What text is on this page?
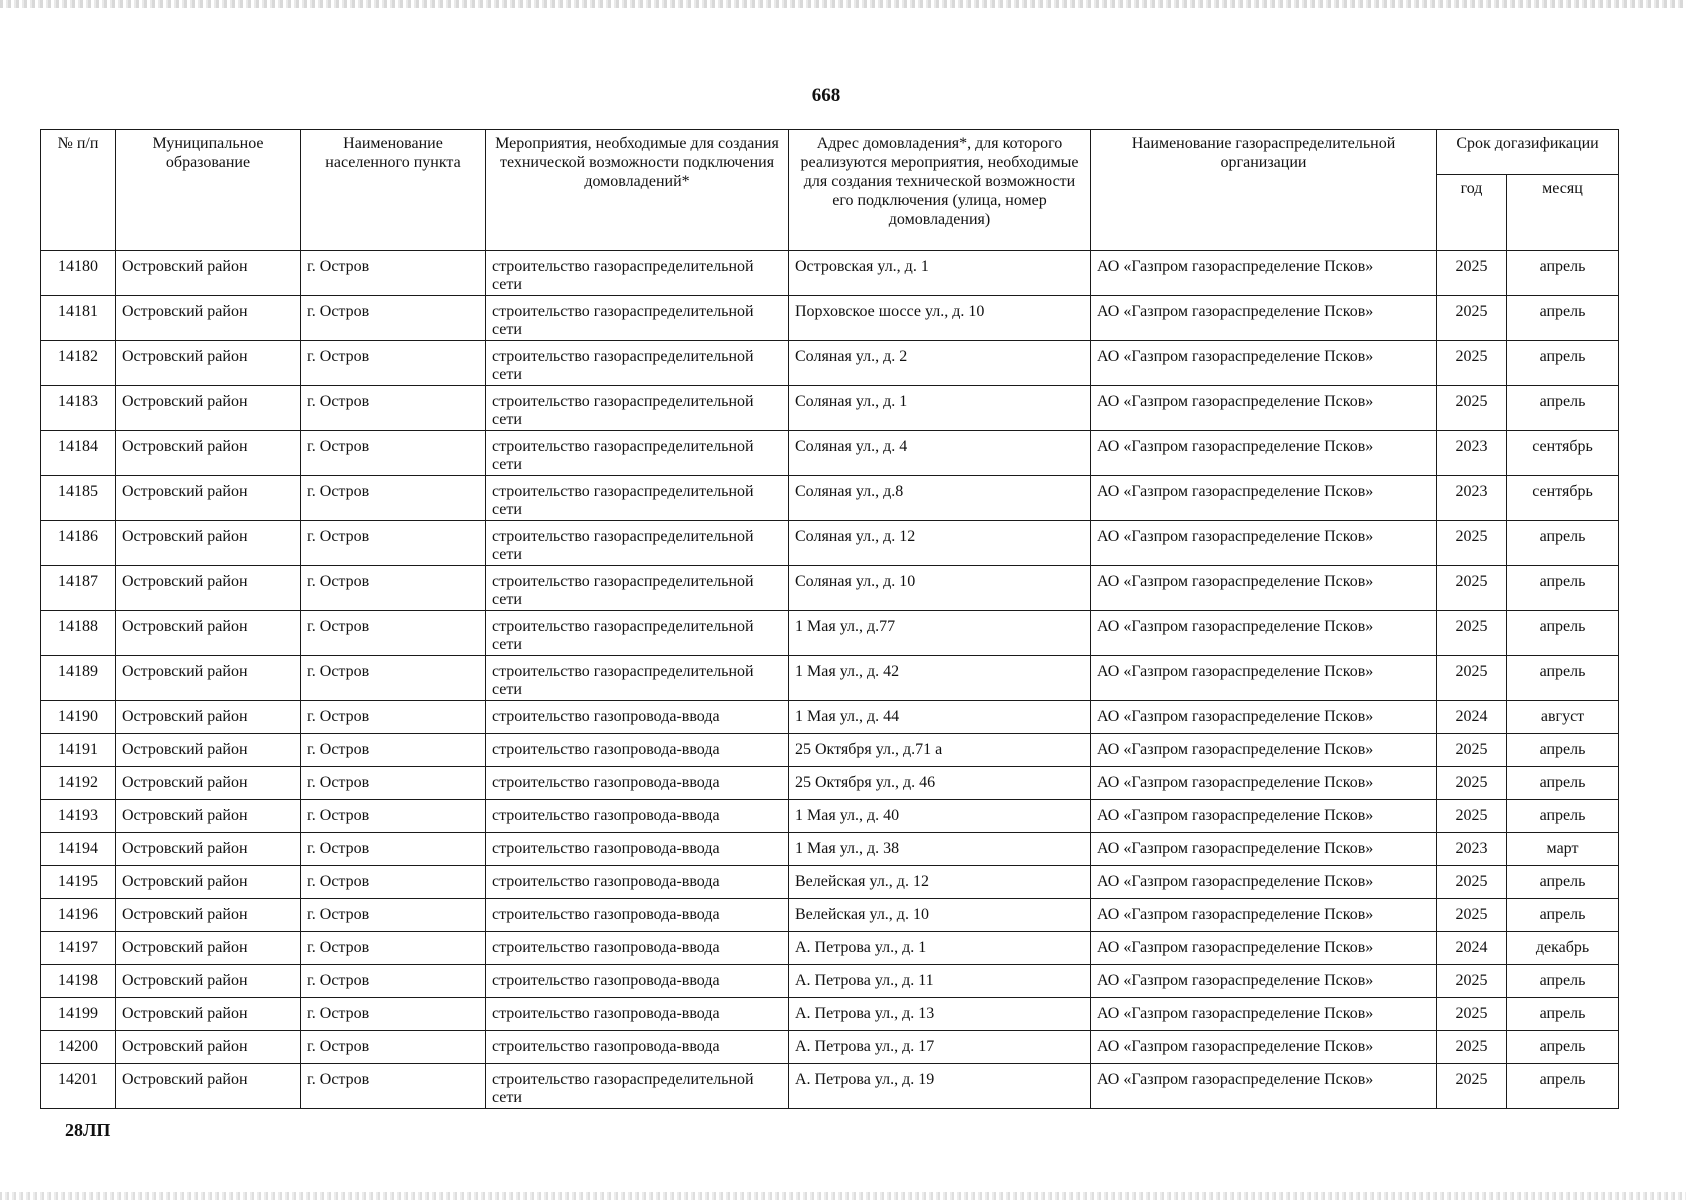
668
№ п/п	Муниципальное образование	Наименование населенного пункта	Мероприятия, необходимые для создания технической возможности подключения домовладений*	Адрес домовладения*, для которого реализуются мероприятия, необходимые для создания технической возможности его подключения (улица, номер домовладения)	Наименование газораспределительной организации	Срок догазификации	
						год	месяц
14180	Островский район	г. Остров	строительство газораспределительной сети	Островская ул., д. 1	АО «Газпром газораспределение Псков»	2025	апрель
14181	Островский район	г. Остров	строительство газораспределительной сети	Порховское шоссе ул., д. 10	АО «Газпром газораспределение Псков»	2025	апрель
14182	Островский район	г. Остров	строительство газораспределительной сети	Соляная ул., д. 2	АО «Газпром газораспределение Псков»	2025	апрель
14183	Островский район	г. Остров	строительство газораспределительной сети	Соляная ул., д. 1	АО «Газпром газораспределение Псков»	2025	апрель
14184	Островский район	г. Остров	строительство газораспределительной сети	Соляная ул., д. 4	АО «Газпром газораспределение Псков»	2023	сентябрь
14185	Островский район	г. Остров	строительство газораспределительной сети	Соляная ул., д.8	АО «Газпром газораспределение Псков»	2023	сентябрь
14186	Островский район	г. Остров	строительство газораспределительной сети	Соляная ул., д. 12	АО «Газпром газораспределение Псков»	2025	апрель
14187	Островский район	г. Остров	строительство газораспределительной сети	Соляная ул., д. 10	АО «Газпром газораспределение Псков»	2025	апрель
14188	Островский район	г. Остров	строительство газораспределительной сети	1 Мая ул., д.77	АО «Газпром газораспределение Псков»	2025	апрель
14189	Островский район	г. Остров	строительство газораспределительной сети	1 Мая ул., д. 42	АО «Газпром газораспределение Псков»	2025	апрель
14190	Островский район	г. Остров	строительство газопровода-ввода	1 Мая ул., д. 44	АО «Газпром газораспределение Псков»	2024	август
14191	Островский район	г. Остров	строительство газопровода-ввода	25 Октября ул., д.71 а	АО «Газпром газораспределение Псков»	2025	апрель
14192	Островский район	г. Остров	строительство газопровода-ввода	25 Октября ул., д. 46	АО «Газпром газораспределение Псков»	2025	апрель
14193	Островский район	г. Остров	строительство газопровода-ввода	1 Мая ул., д. 40	АО «Газпром газораспределение Псков»	2025	апрель
14194	Островский район	г. Остров	строительство газопровода-ввода	1 Мая ул., д. 38	АО «Газпром газораспределение Псков»	2023	март
14195	Островский район	г. Остров	строительство газопровода-ввода	Велейская ул., д. 12	АО «Газпром газораспределение Псков»	2025	апрель
14196	Островский район	г. Остров	строительство газопровода-ввода	Велейская ул., д. 10	АО «Газпром газораспределение Псков»	2025	апрель
14197	Островский район	г. Остров	строительство газопровода-ввода	А. Петрова ул., д. 1	АО «Газпром газораспределение Псков»	2024	декабрь
14198	Островский район	г. Остров	строительство газопровода-ввода	А. Петрова ул., д. 11	АО «Газпром газораспределение Псков»	2025	апрель
14199	Островский район	г. Остров	строительство газопровода-ввода	А. Петрова ул., д. 13	АО «Газпром газораспределение Псков»	2025	апрель
14200	Островский район	г. Остров	строительство газопровода-ввода	А. Петрова ул., д. 17	АО «Газпром газораспределение Псков»	2025	апрель
14201	Островский район	г. Остров	строительство газораспределительной сети	А. Петрова ул., д. 19	АО «Газпром газораспределение Псков»	2025	апрель
28ЛП
